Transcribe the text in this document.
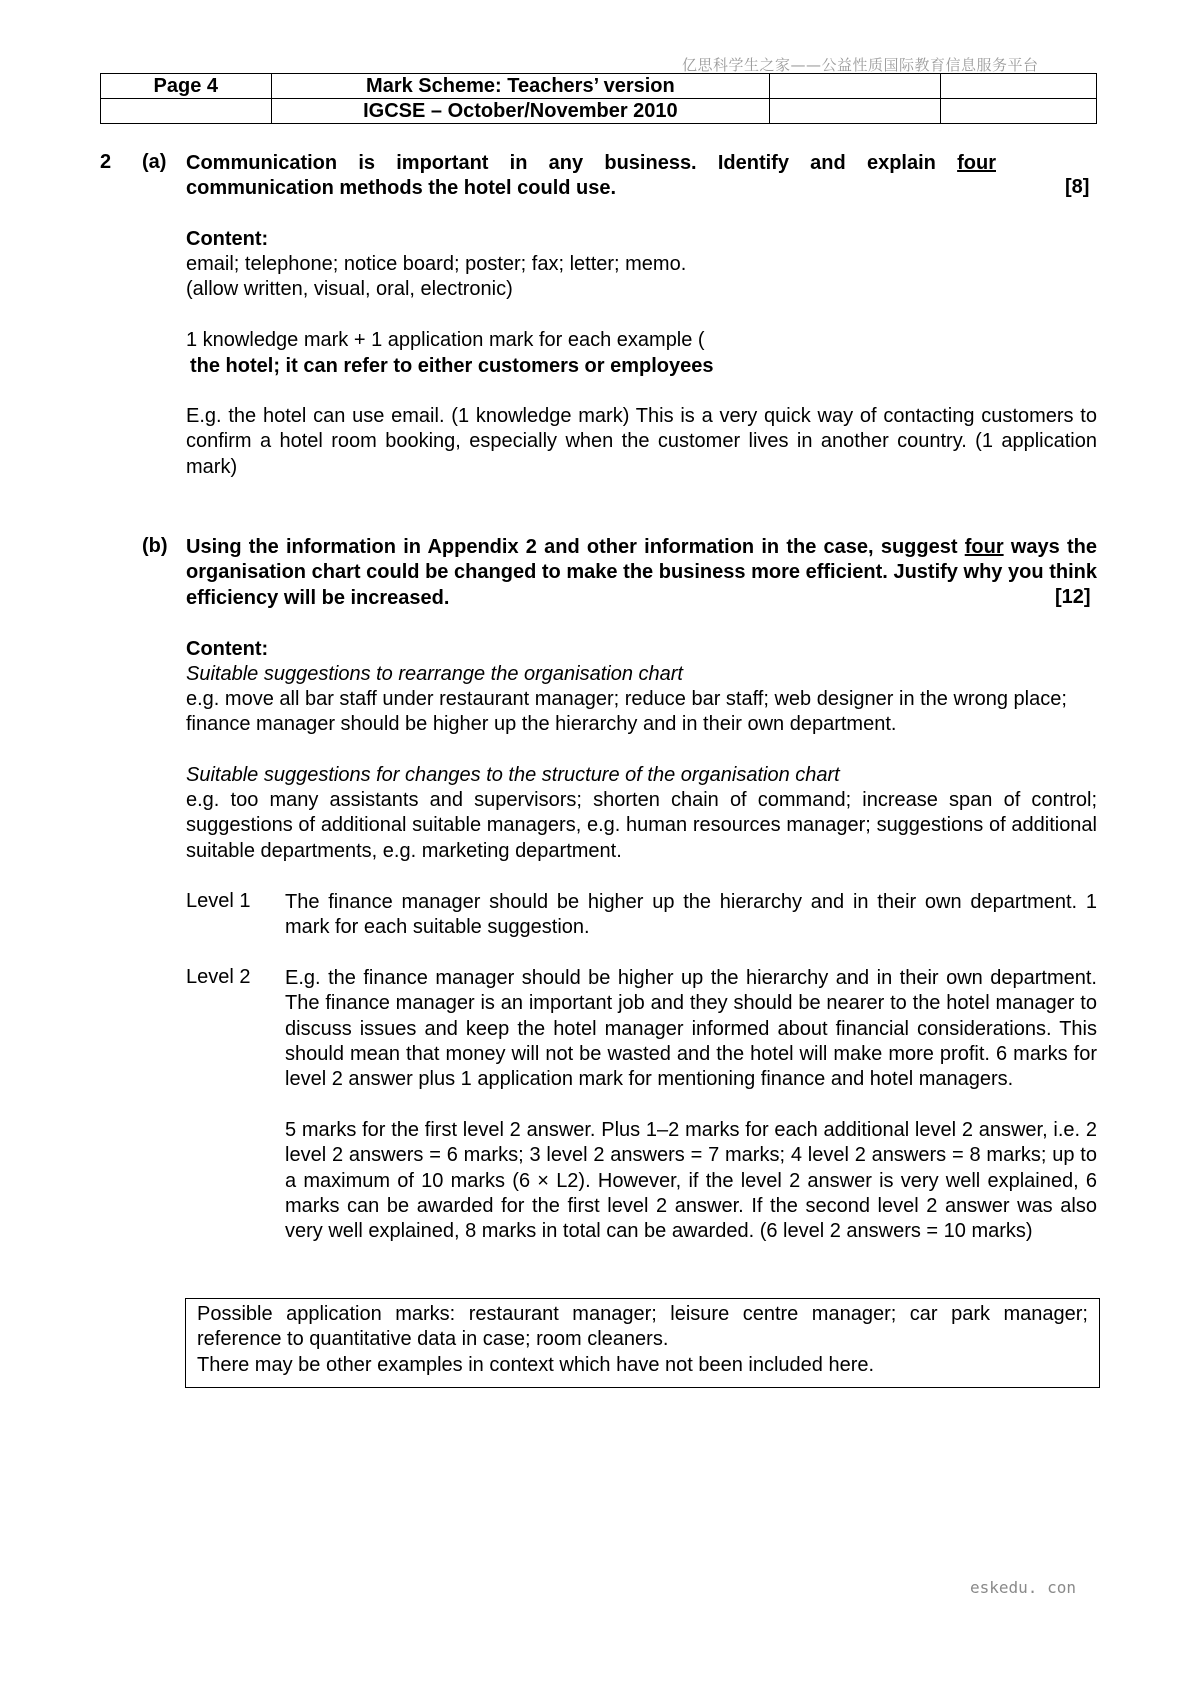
亿思科学生之家——公益性质国际教育信息服务平台
Page 4	Mark Scheme: Teachers’ version		
	IGCSE – October/November 2010		
2 (a) Communication is important in any business. Identify and explain four communication methods the hotel could use.	[8]
Content:
email; telephone; notice board; poster; fax; letter; memo.
(allow written, visual, oral, electronic)
1 knowledge mark + 1 application mark for each example (
the hotel; it can refer to either customers or employees
E.g. the hotel can use email. (1 knowledge mark) This is a very quick way of contacting customers to confirm a hotel room booking, especially when the customer lives in another country. (1 application mark)
(b) Using the information in Appendix 2 and other information in the case, suggest four ways the organisation chart could be changed to make the business more efficient. Justify why you think efficiency will be increased.	[12]
Content:
Suitable suggestions to rearrange the organisation chart
e.g. move all bar staff under restaurant manager; reduce bar staff; web designer in the wrong place; finance manager should be higher up the hierarchy and in their own department.
Suitable suggestions for changes to the structure of the organisation chart
e.g. too many assistants and supervisors; shorten chain of command; increase span of control; suggestions of additional suitable managers, e.g. human resources manager; suggestions of additional suitable departments, e.g. marketing department.
Level 1 The finance manager should be higher up the hierarchy and in their own department. 1 mark for each suitable suggestion.
Level 2 E.g. the finance manager should be higher up the hierarchy and in their own department. The finance manager is an important job and they should be nearer to the hotel manager to discuss issues and keep the hotel manager informed about financial considerations. This should mean that money will not be wasted and the hotel will make more profit. 6 marks for level 2 answer plus 1 application mark for mentioning finance and hotel managers.
5 marks for the first level 2 answer. Plus 1–2 marks for each additional level 2 answer, i.e. 2 level 2 answers = 6 marks; 3 level 2 answers = 7 marks; 4 level 2 answers = 8 marks; up to a maximum of 10 marks (6 × L2). However, if the level 2 answer is very well explained, 6 marks can be awarded for the first level 2 answer. If the second level 2 answer was also very well explained, 8 marks in total can be awarded. (6 level 2 answers = 10 marks)
Possible application marks: restaurant manager; leisure centre manager; car park manager; reference to quantitative data in case; room cleaners.
There may be other examples in context which have not been included here.
eskedu. con
